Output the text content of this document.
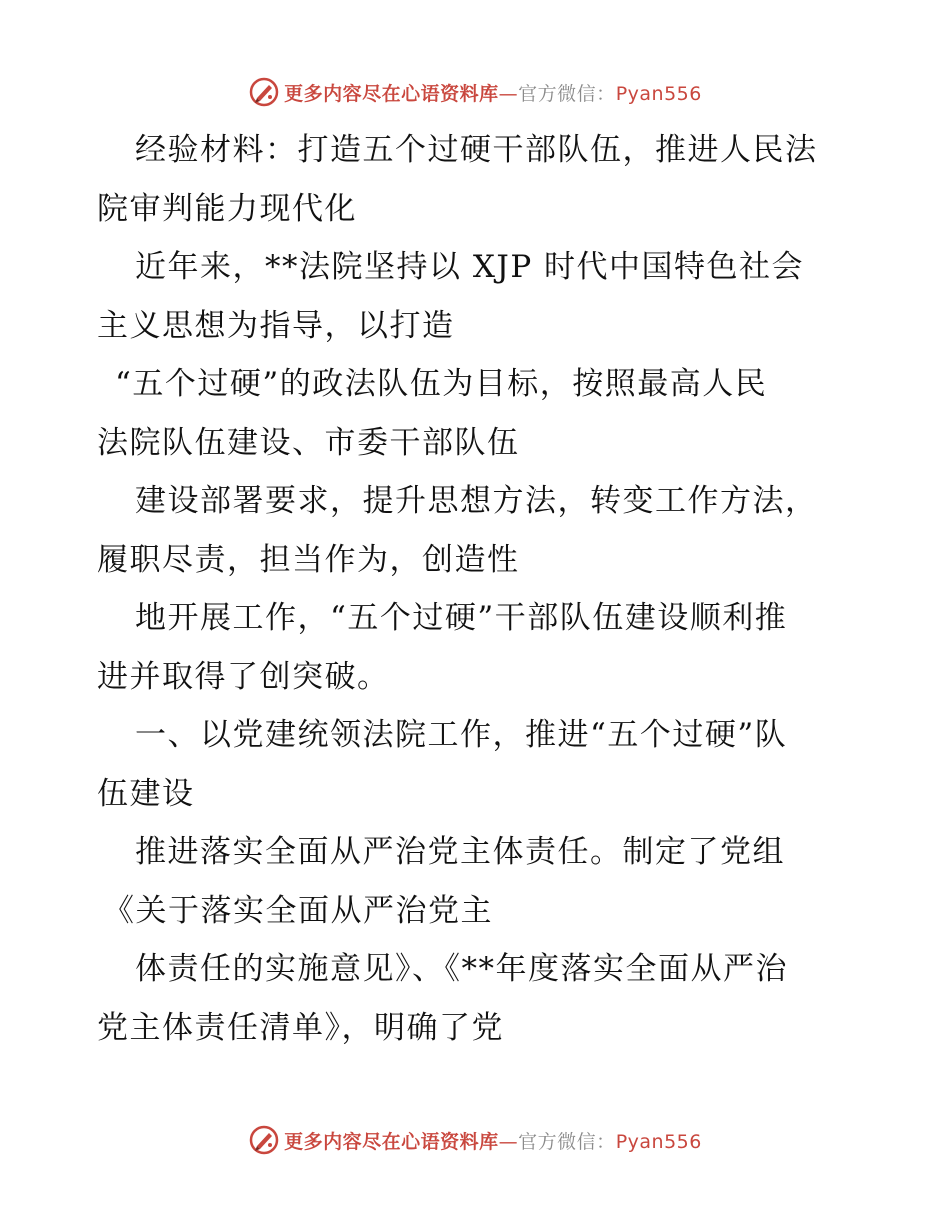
更多内容尽在心语资料库—官方微信：Pyan556
经验材料：打造五个过硬干部队伍，推进人民法
院审判能力现代化
近年来，**法院坚持以 XJP 时代中国特色社会
主义思想为指导，以打造
“五个过硬”的政法队伍为目标，按照最高人民
法院队伍建设、市委干部队伍
建设部署要求，提升思想方法，转变工作方法，
履职尽责，担当作为，创造性
地开展工作，“五个过硬”干部队伍建设顺利推
进并取得了创突破。
一、以党建统领法院工作，推进“五个过硬”队
伍建设
推进落实全面从严治党主体责任。制定了党组
《关于落实全面从严治党主
体责任的实施意见》、《**年度落实全面从严治
党主体责任清单》，明确了党
更多内容尽在心语资料库—官方微信：Pyan556
